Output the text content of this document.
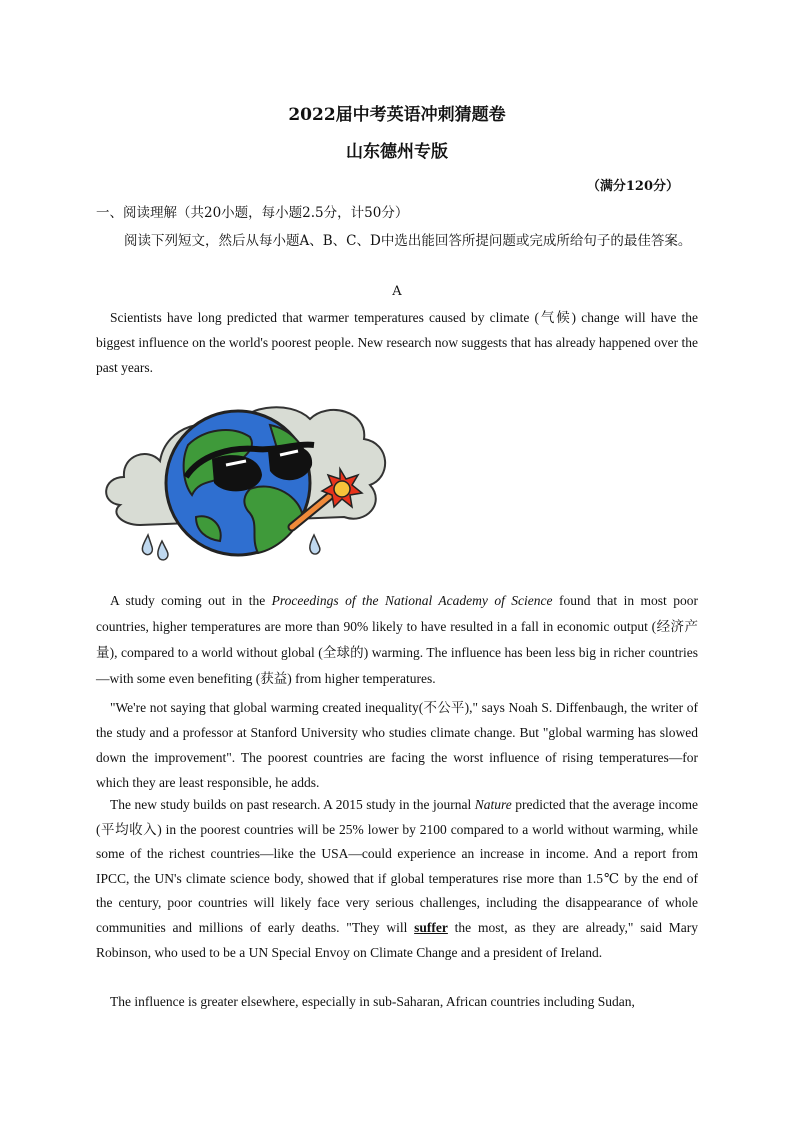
2022届中考英语冲刺猜题卷
山东德州专版
（满分120分）
一、阅读理解（共20小题，每小题2.5分，计50分）
阅读下列短文，然后从每小题A、B、C、D中选出能回答所提问题或完成所给句子的最佳答案。
A
Scientists have long predicted that warmer temperatures caused by climate (气候) change will have the biggest influence on the world's poorest people. New research now suggests that has already happened over the past years.
A study coming out in the Proceedings of the National Academy of Science found that in most poor countries, higher temperatures are more than 90% likely to have resulted in a fall in economic output (经济产量), compared to a world without global (全球的) warming. The influence has been less big in richer countries—with some even benefiting (获益) from higher temperatures.
"We're not saying that global warming created inequality(不公平)," says Noah S. Diffenbaugh, the writer of the study and a professor at Stanford University who studies climate change. But "global warming has slowed down the improvement". The poorest countries are facing the worst influence of rising temperatures—for which they are least responsible, he adds.
The new study builds on past research. A 2015 study in the journal Nature predicted that the average income (平均收入) in the poorest countries will be 25% lower by 2100 compared to a world without warming, while some of the richest countries—like the USA—could experience an increase in income. And a report from IPCC, the UN's climate science body, showed that if global temperatures rise more than 1.5℃ by the end of the century, poor countries will likely face very serious challenges, including the disappearance of whole communities and millions of early deaths. "They will suffer the most, as they are already," said Mary Robinson, who used to be a UN Special Envoy on Climate Change and a president of Ireland.
The influence is greater elsewhere, especially in sub-Saharan, African countries including Sudan,
